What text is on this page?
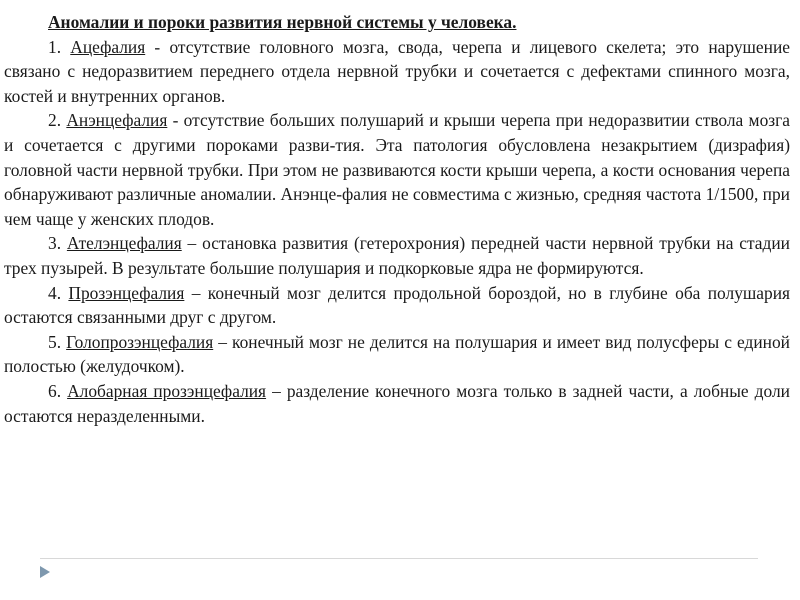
Аномалии и пороки развития нервной системы у человека.

1. Ацефалия - отсутствие головного мозга, свода, черепа и лицевого скелета; это нарушение связано с недоразвитием переднего отдела нервной трубки и сочетается с дефектами спинного мозга, костей и внутренних органов.

2. Анэнцефалия - отсутствие больших полушарий и крыши черепа при недоразвитии ствола мозга и сочетается с другими пороками разви-тия. Эта патология обусловлена незакрытием (дизрафия) головной части нервной трубки. При этом не развиваются кости крыши черепа, а кости основания черепа обнаруживают различные аномалии. Анэнце-фалия не совместима с жизнью, средняя частота 1/1500, при чем чаще у женских плодов.

3. Ателэнцефалия – остановка развития (гетерохрония) передней части нервной трубки на стадии трех пузырей. В результате большие полушария и подкорковые ядра не формируются.

4. Прозэнцефалия – конечный мозг делится продольной бороздой, но в глубине оба полушария остаются связанными друг с другом.

5. Голопрозэнцефалия – конечный мозг не делится на полушария и имеет вид полусферы с единой полостью (желудочком).

6. Алобарная прозэнцефалия – разделение конечного мозга только в задней части, а лобные доли остаются неразделенными.
